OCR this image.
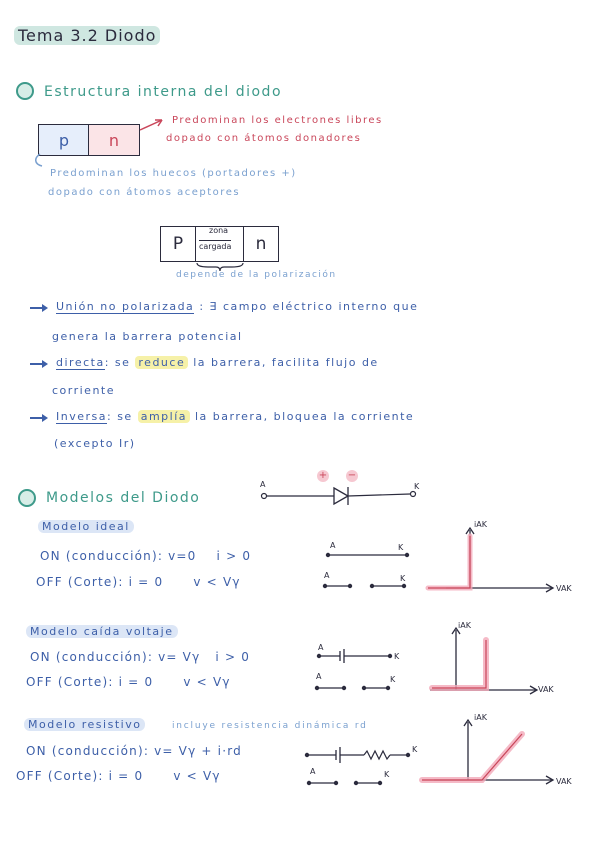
Tema 3.2 Diodo
Estructura interna del diodo
p n
Predominan los electrones libres
dopado con átomos donadores
Predominan los huecos (portadores +)
dopado con átomos aceptores
P
zona
cargada n
depende de la polarización
Unión no polarizada : ∃ campo eléctrico interno que
genera la barrera potencial
directa: se reduce la barrera, facilita flujo de
corriente
Inversa: se amplía la barrera, bloquea la corriente
(excepto Ir)
Modelos del Diodo
+ −
A	K
Modelo ideal
ON (conducción): v=0    i > 0
OFF (Corte): i = 0      v < Vγ
A	K
A	K
iAK
VAK
Modelo caída voltaje
ON (conducción): v= Vγ   i > 0
OFF (Corte): i = 0      v < Vγ
A
K
A	K
iAK
VAK
Modelo resistivo	incluye resistencia dinámica rd
ON (conducción): v= Vγ + i·rd
OFF (Corte): i = 0      v < Vγ
K
A	K
iAK
VAK
